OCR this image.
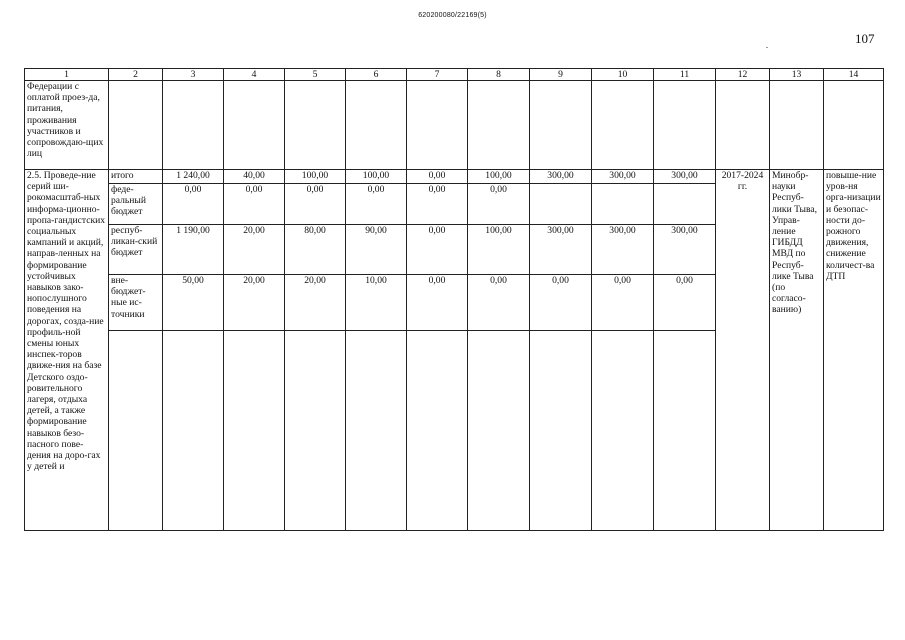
620200080/22169(5)
107
1	2	3	4	5	6	7	8	9	10	11	12	13	14
Федерации с оплатой проез-да, питания, проживания участников и сопровождаю-щих лиц													
2.5. Проведе-ние серий ши-рокомасштаб-ных информа-ционно-пропа-гандистских социальных кампаний и акций, направ-ленных на формирование устойчивых навыков зако-нопослушного поведения на дорогах, созда-ние профиль-ной смены юных инспек-торов движе-ния на базе Детского оздо-ровительного лагеря, отдыха детей, а также формирование навыков безо-пасного пове-дения на доро-гах у детей и	итого	1 240,00	40,00	100,00	100,00	0,00	100,00	300,00	300,00	300,00	2017-2024 гг.	Минобр-науки Респуб-лики Тыва, Управ-ление ГИБДД МВД по Респуб-лике Тыва (по согласо-ванию)	повыше-ние уров-ня орга-низации и безопас-ности до-рожного движения, снижение количест-ва ДТП
	феде-ральный бюджет	0,00	0,00	0,00	0,00	0,00	0,00						
	респуб-ликан-ский бюджет	1 190,00	20,00	80,00	90,00	0,00	100,00	300,00	300,00	300,00			
	вне-бюджет-ные ис-точники	50,00	20,00	20,00	10,00	0,00	0,00	0,00	0,00	0,00			
